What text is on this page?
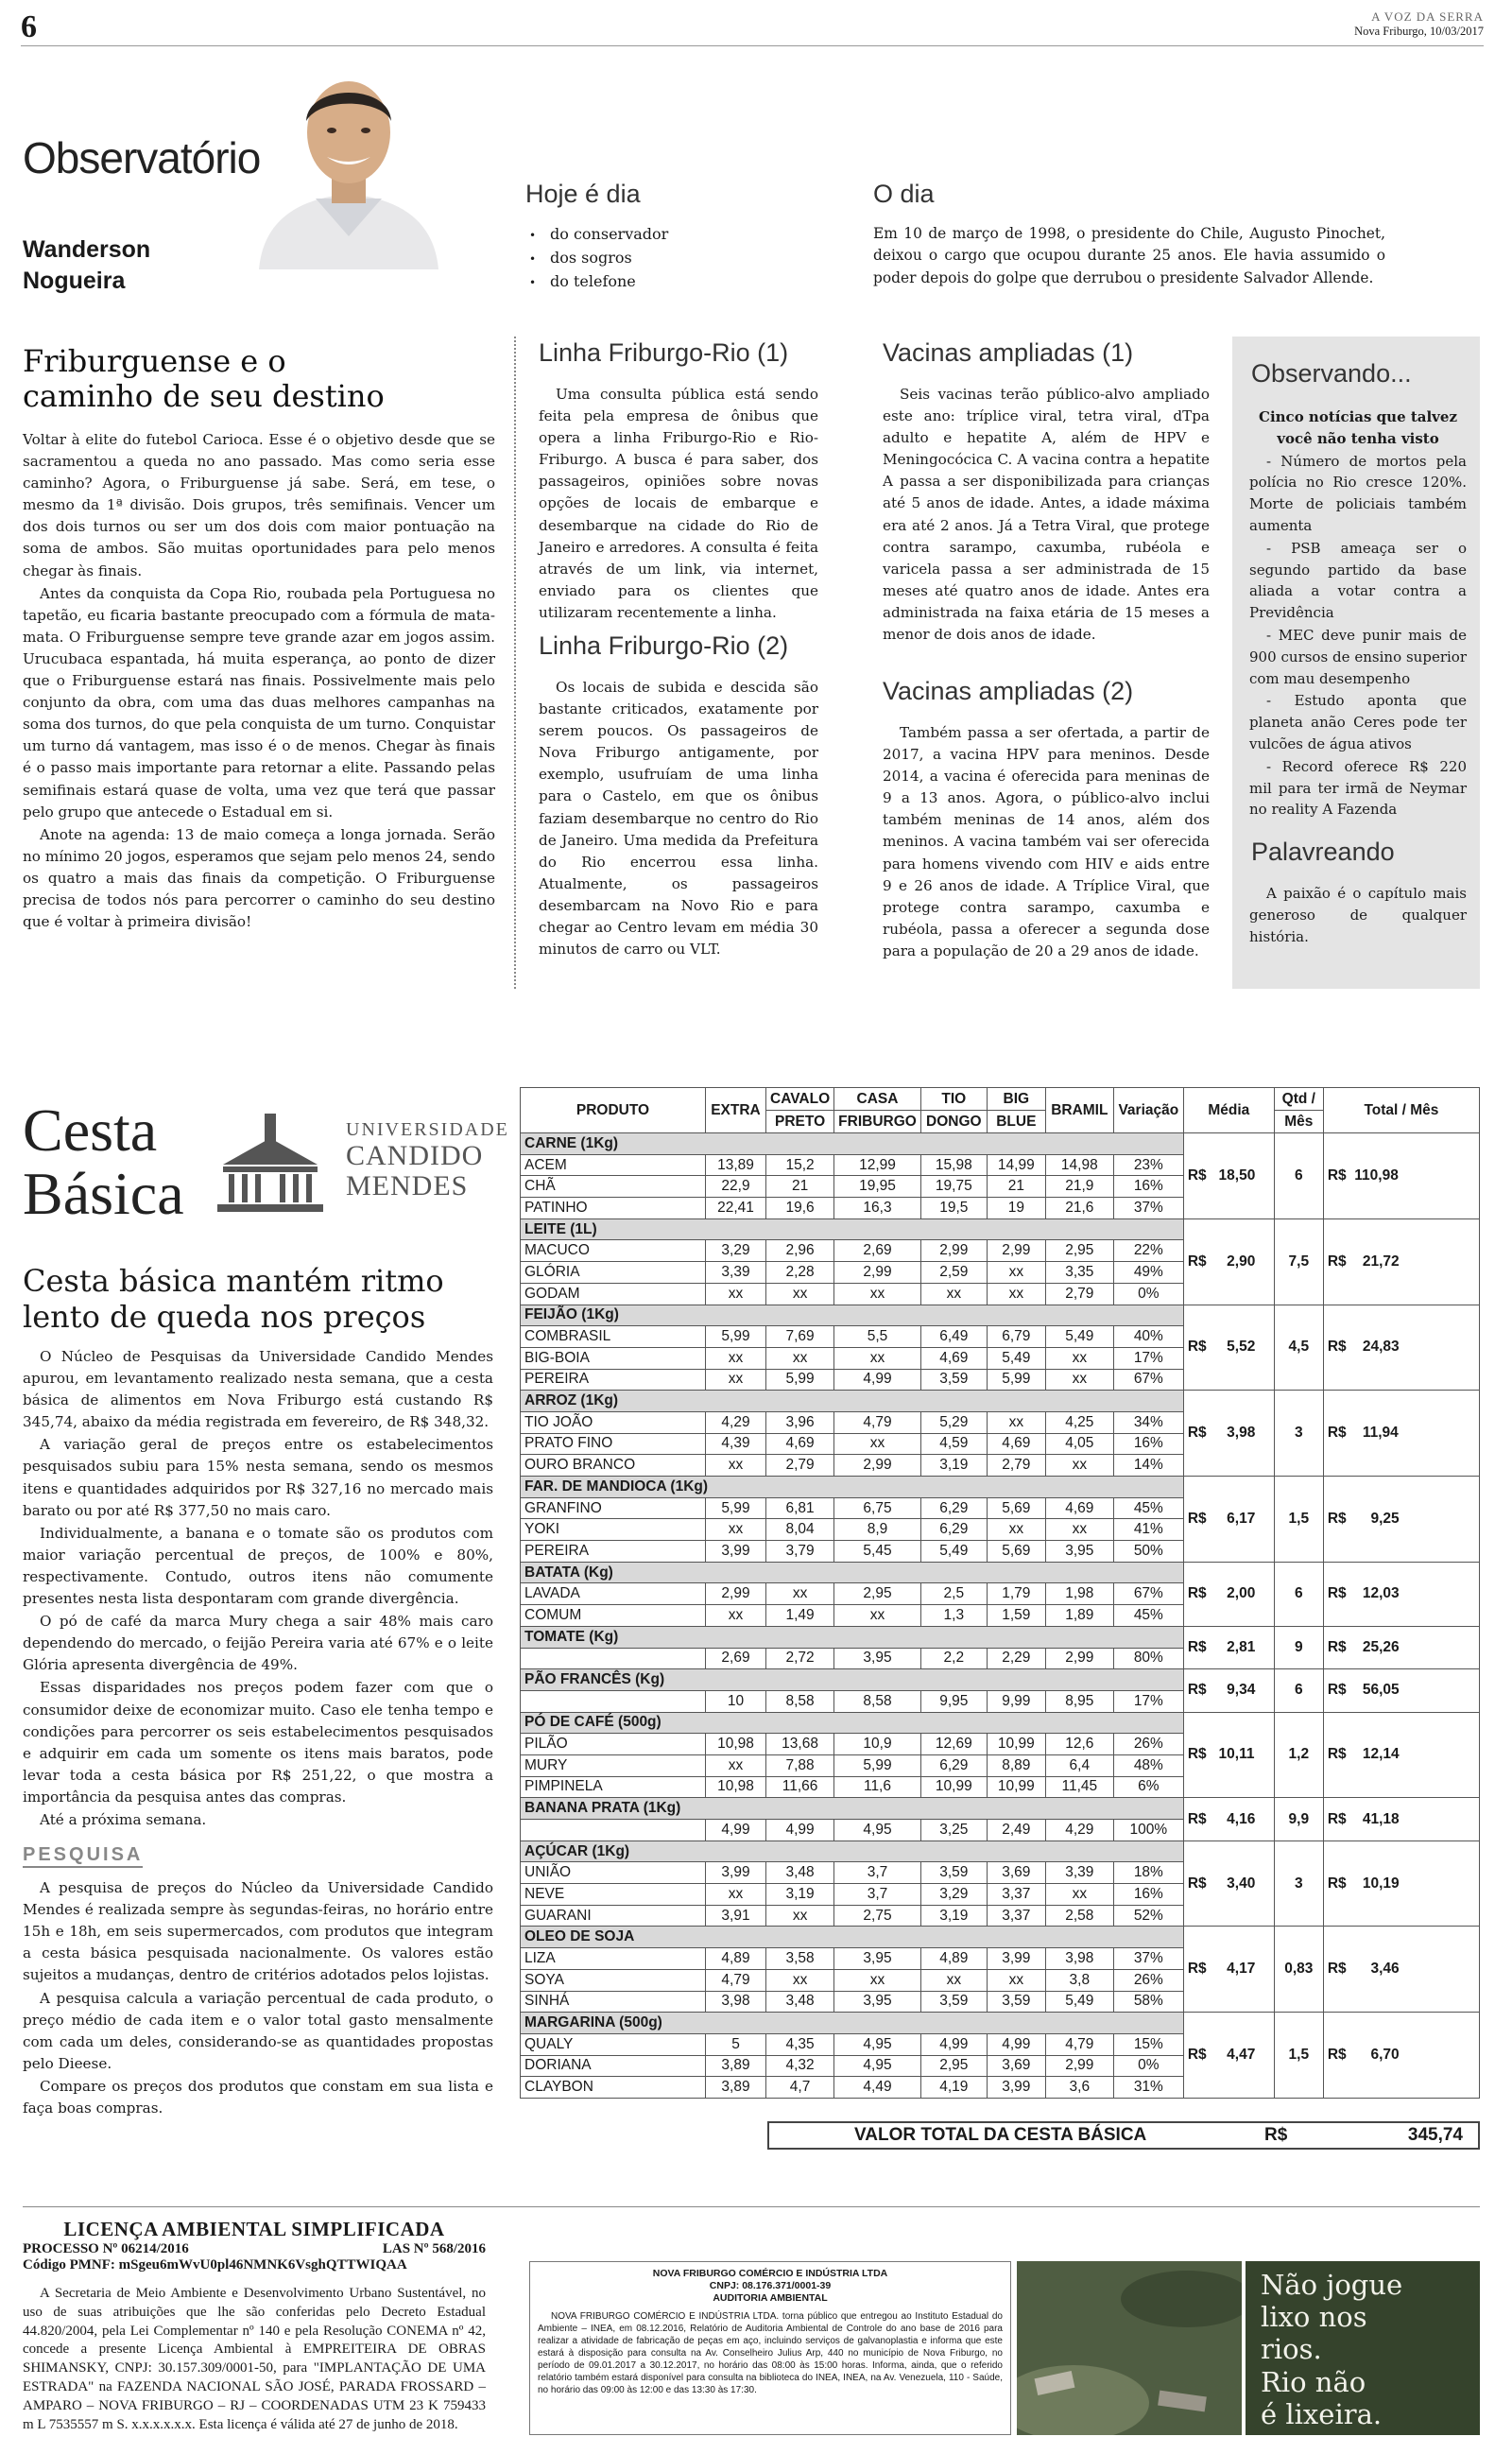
6	A VOZ DA SERRA
Nova Friburgo, 10/03/2017
Observatório
Wanderson
Nogueira
Hoje é dia
• do conservador
• dos sogros
• do telefone
O dia

Em 10 de março de 1998, o presidente do Chile, Augusto Pinochet, deixou o cargo que ocupou durante 25 anos. Ele havia assumido o poder depois do golpe que derrubou o presidente Salvador Allende.

Friburguense e o caminho de seu destino

Voltar à elite do futebol Carioca. Esse é o objetivo desde que se sacramentou a queda no ano passado. Mas como seria esse caminho? Agora, o Friburguense já sabe. Será, em tese, o mesmo da 1ª divisão. Dois grupos, três semifinais. Vencer um dos dois turnos ou ser um dos dois com maior pontuação na soma de ambos. São muitas oportunidades para pelo menos chegar às finais.

Antes da conquista da Copa Rio, roubada pela Portuguesa no tapetão, eu ficaria bastante preocupado com a fórmula de mata-mata. O Friburguense sempre teve grande azar em jogos assim. Urucubaca espantada, há muita esperança, ao ponto de dizer que o Friburguense estará nas finais. Possivelmente mais pelo conjunto da obra, com uma das duas melhores campanhas na soma dos turnos, do que pela conquista de um turno. Conquistar um turno dá vantagem, mas isso é o de menos. Chegar às finais é o passo mais importante para retornar a elite. Passando pelas semifinais estará quase de volta, uma vez que terá que passar pelo grupo que antecede o Estadual em si.

Anote na agenda: 13 de maio começa a longa jornada. Serão no mínimo 20 jogos, esperamos que sejam pelo menos 24, sendo os quatro a mais das finais da competição. O Friburguense precisa de todos nós para percorrer o caminho do seu destino que é voltar à primeira divisão!

Linha Friburgo-Rio (1)

Uma consulta pública está sendo feita pela empresa de ônibus que opera a linha Friburgo-Rio e Rio-Friburgo. A busca é para saber, dos passageiros, opiniões sobre novas opções de locais de embarque e desembarque na cidade do Rio de Janeiro e arredores. A consulta é feita através de um link, via internet, enviado para os clientes que utilizaram recentemente a linha.

Linha Friburgo-Rio (2)

Os locais de subida e descida são bastante criticados, exatamente por serem poucos. Os passageiros de Nova Friburgo antigamente, por exemplo, usufruíam de uma linha para o Castelo, em que os ônibus faziam desembarque no centro do Rio de Janeiro. Uma medida da Prefeitura do Rio encerrou essa linha. Atualmente, os passageiros desembarcam na Novo Rio e para chegar ao Centro levam em média 30 minutos de carro ou VLT.

Vacinas ampliadas (1)

Seis vacinas terão público-alvo ampliado este ano: tríplice viral, tetra viral, dTpa adulto e hepatite A, além de HPV e Meningocócica C. A vacina contra a hepatite A passa a ser disponibilizada para crianças até 5 anos de idade. Antes, a idade máxima era até 2 anos. Já a Tetra Viral, que protege contra sarampo, caxumba, rubéola e varicela passa a ser administrada de 15 meses até quatro anos de idade. Antes era administrada na faixa etária de 15 meses a menor de dois anos de idade.

Vacinas ampliadas (2)

Também passa a ser ofertada, a partir de 2017, a vacina HPV para meninos. Desde 2014, a vacina é oferecida para meninas de 9 a 13 anos. Agora, o público-alvo inclui também meninas de 14 anos, além dos meninos. A vacina também vai ser oferecida para homens vivendo com HIV e aids entre 9 e 26 anos de idade. A Tríplice Viral, que protege contra sarampo, caxumba e rubéola, passa a oferecer a segunda dose para a população de 20 a 29 anos de idade.

Observando...

Cinco notícias que talvez você não tenha visto

- Número de mortos pela polícia no Rio cresce 120%. Morte de policiais também aumenta

- PSB ameaça ser o segundo partido da base aliada a votar contra a Previdência

- MEC deve punir mais de 900 cursos de ensino superior com mau desempenho

- Estudo aponta que planeta anão Ceres pode ter vulcões de água ativos

- Record oferece R$ 220 mil para ter irmã de Neymar no reality A Fazenda

Palavreando

A paixão é o capítulo mais generoso de qualquer história.

Cesta
Básica
UNIVERSIDADE
CANDIDO
MENDES
Cesta básica mantém ritmo lento de queda nos preços

O Núcleo de Pesquisas da Universidade Candido Mendes apurou, em levantamento realizado nesta semana, que a cesta básica de alimentos em Nova Friburgo está custando R$ 345,74, abaixo da média registrada em fevereiro, de R$ 348,32.

A variação geral de preços entre os estabelecimentos pesquisados subiu para 15% nesta semana, sendo os mesmos itens e quantidades adquiridos por R$ 327,16 no mercado mais barato ou por até R$ 377,50 no mais caro.

Individualmente, a banana e o tomate são os produtos com maior variação percentual de preços, de 100% e 80%, respectivamente. Contudo, outros itens não comumente presentes nesta lista despontaram com grande divergência.

O pó de café da marca Mury chega a sair 48% mais caro dependendo do mercado, o feijão Pereira varia até 67% e o leite Glória apresenta divergência de 49%.

Essas disparidades nos preços podem fazer com que o consumidor deixe de economizar muito. Caso ele tenha tempo e condições para percorrer os seis estabelecimentos pesquisados e adquirir em cada um somente os itens mais baratos, pode levar toda a cesta básica por R$ 251,22, o que mostra a importância da pesquisa antes das compras.

Até a próxima semana.

PESQUISA

A pesquisa de preços do Núcleo da Universidade Candido Mendes é realizada sempre às segundas-feiras, no horário entre 15h e 18h, em seis supermercados, com produtos que integram a cesta básica pesquisada nacionalmente. Os valores estão sujeitos a mudanças, dentro de critérios adotados pelos lojistas.

A pesquisa calcula a variação percentual de cada produto, o preço médio de cada item e o valor total gasto mensalmente com cada um deles, considerando-se as quantidades propostas pelo Dieese.

Compare os preços dos produtos que constam em sua lista e faça boas compras.

PRODUTO	EXTRA	CAVALO	CASA	TIO	BIG	BRAMIL	Variação	Média	Qtd /	Total / Mês
		PRETO	FRIBURGO	DONGO	BLUE				Mês	
CARNE (1Kg)								R$   18,50	6	R$  110,98
ACEM	13,89	15,2	12,99	15,98	14,99	14,98	23%			
CHÃ	22,9	21	19,95	19,75	21	21,9	16%			
PATINHO	22,41	19,6	16,3	19,5	19	21,6	37%			
LEITE (1L)								R$     2,90	7,5	R$    21,72
MACUCO	3,29	2,96	2,69	2,99	2,99	2,95	22%			
GLÓRIA	3,39	2,28	2,99	2,59	xx	3,35	49%			
GODAM	xx	xx	xx	xx	xx	2,79	0%			
FEIJÃO (1Kg)								R$     5,52	4,5	R$    24,83
COMBRASIL	5,99	7,69	5,5	6,49	6,79	5,49	40%			
BIG-BOIA	xx	xx	xx	4,69	5,49	xx	17%			
PEREIRA	xx	5,99	4,99	3,59	5,99	xx	67%			
ARROZ (1Kg)								R$     3,98	3	R$    11,94
TIO JOÃO	4,29	3,96	4,79	5,29	xx	4,25	34%			
PRATO FINO	4,39	4,69	xx	4,59	4,69	4,05	16%			
OURO BRANCO	xx	2,79	2,99	3,19	2,79	xx	14%			
FAR. DE MANDIOCA (1Kg)								R$     6,17	1,5	R$      9,25
GRANFINO	5,99	6,81	6,75	6,29	5,69	4,69	45%			
YOKI	xx	8,04	8,9	6,29	xx	xx	41%			
PEREIRA	3,99	3,79	5,45	5,49	5,69	3,95	50%			
BATATA (Kg)								R$     2,00	6	R$    12,03
LAVADA	2,99	xx	2,95	2,5	1,79	1,98	67%			
COMUM	xx	1,49	xx	1,3	1,59	1,89	45%			
TOMATE (Kg)								R$     2,81	9	R$    25,26
	2,69	2,72	3,95	2,2	2,29	2,99	80%			
PÃO FRANCÊS (Kg)								R$     9,34	6	R$    56,05
	10	8,58	8,58	9,95	9,99	8,95	17%			
PÓ DE CAFÉ (500g)								R$   10,11	1,2	R$    12,14
PILÃO	10,98	13,68	10,9	12,69	10,99	12,6	26%			
MURY	xx	7,88	5,99	6,29	8,89	6,4	48%			
PIMPINELA	10,98	11,66	11,6	10,99	10,99	11,45	6%			
BANANA PRATA (1Kg)								R$     4,16	9,9	R$    41,18
	4,99	4,99	4,95	3,25	2,49	4,29	100%			
AÇÚCAR (1Kg)								R$     3,40	3	R$    10,19
UNIÃO	3,99	3,48	3,7	3,59	3,69	3,39	18%			
NEVE	xx	3,19	3,7	3,29	3,37	xx	16%			
GUARANI	3,91	xx	2,75	3,19	3,37	2,58	52%			
OLEO DE SOJA								R$     4,17	0,83	R$      3,46
LIZA	4,89	3,58	3,95	4,89	3,99	3,98	37%			
SOYA	4,79	xx	xx	xx	xx	3,8	26%			
SINHÁ	3,98	3,48	3,95	3,59	3,59	5,49	58%			
MARGARINA (500g)								R$     4,47	1,5	R$      6,70
QUALY	5	4,35	4,95	4,99	4,99	4,79	15%			
DORIANA	3,89	4,32	4,95	2,95	3,69	2,99	0%			
CLAYBON	3,89	4,7	4,49	4,19	3,99	3,6	31%			
VALOR TOTAL DA CESTA BÁSICA	R$	345,74
LICENÇA AMBIENTAL SIMPLIFICADA
PROCESSO Nº 06214/2016	LAS Nº 568/2016
Código PMNF: mSgeu6mWvU0pl46NMNK6VsghQTTWIQAA
A Secretaria de Meio Ambiente e Desenvolvimento Urbano Sustentável, no uso de suas atribuições que lhe são conferidas pelo Decreto Estadual 44.820/2004, pela Lei Complementar nº 140 e pela Resolução CONEMA nº 42, concede a presente Licença Ambiental à EMPREITEIRA DE OBRAS SHIMANSKY, CNPJ: 30.157.309/0001-50, para "IMPLANTAÇÃO DE UMA ESTRADA" na FAZENDA NACIONAL SÃO JOSÉ, PARADA FROSSARD – AMPARO – NOVA FRIBURGO – RJ – COORDENADAS UTM 23 K 759433 m L 7535557 m S. x.x.x.x.x.x. Esta licença é válida até 27 de junho de 2018.
NOVA FRIBURGO COMÉRCIO E INDÚSTRIA LTDA
CNPJ: 08.176.371/0001-39
AUDITORIA AMBIENTAL
NOVA FRIBURGO COMÉRCIO E INDÚSTRIA LTDA. torna público que entregou ao Instituto Estadual do Ambiente – INEA, em 08.12.2016, Relatório de Auditoria Ambiental de Controle do ano base de 2016 para realizar a atividade de fabricação de peças em aço, incluindo serviços de galvanoplastia e informa que este estará à disposição para consulta na Av. Conselheiro Julius Arp, 440 no município de Nova Friburgo, no período de 09.01.2017 a 30.12.2017, no horário das 08:00 às 15:00 horas. Informa, ainda, que o referido relatório também estará disponível para consulta na biblioteca do INEA, INEA, na Av. Venezuela, 110 - Saúde, no horário das 09:00 às 12:00 e das 13:30 às 17:30.
Não jogue
lixo nos
rios.
Rio não
é lixeira.
